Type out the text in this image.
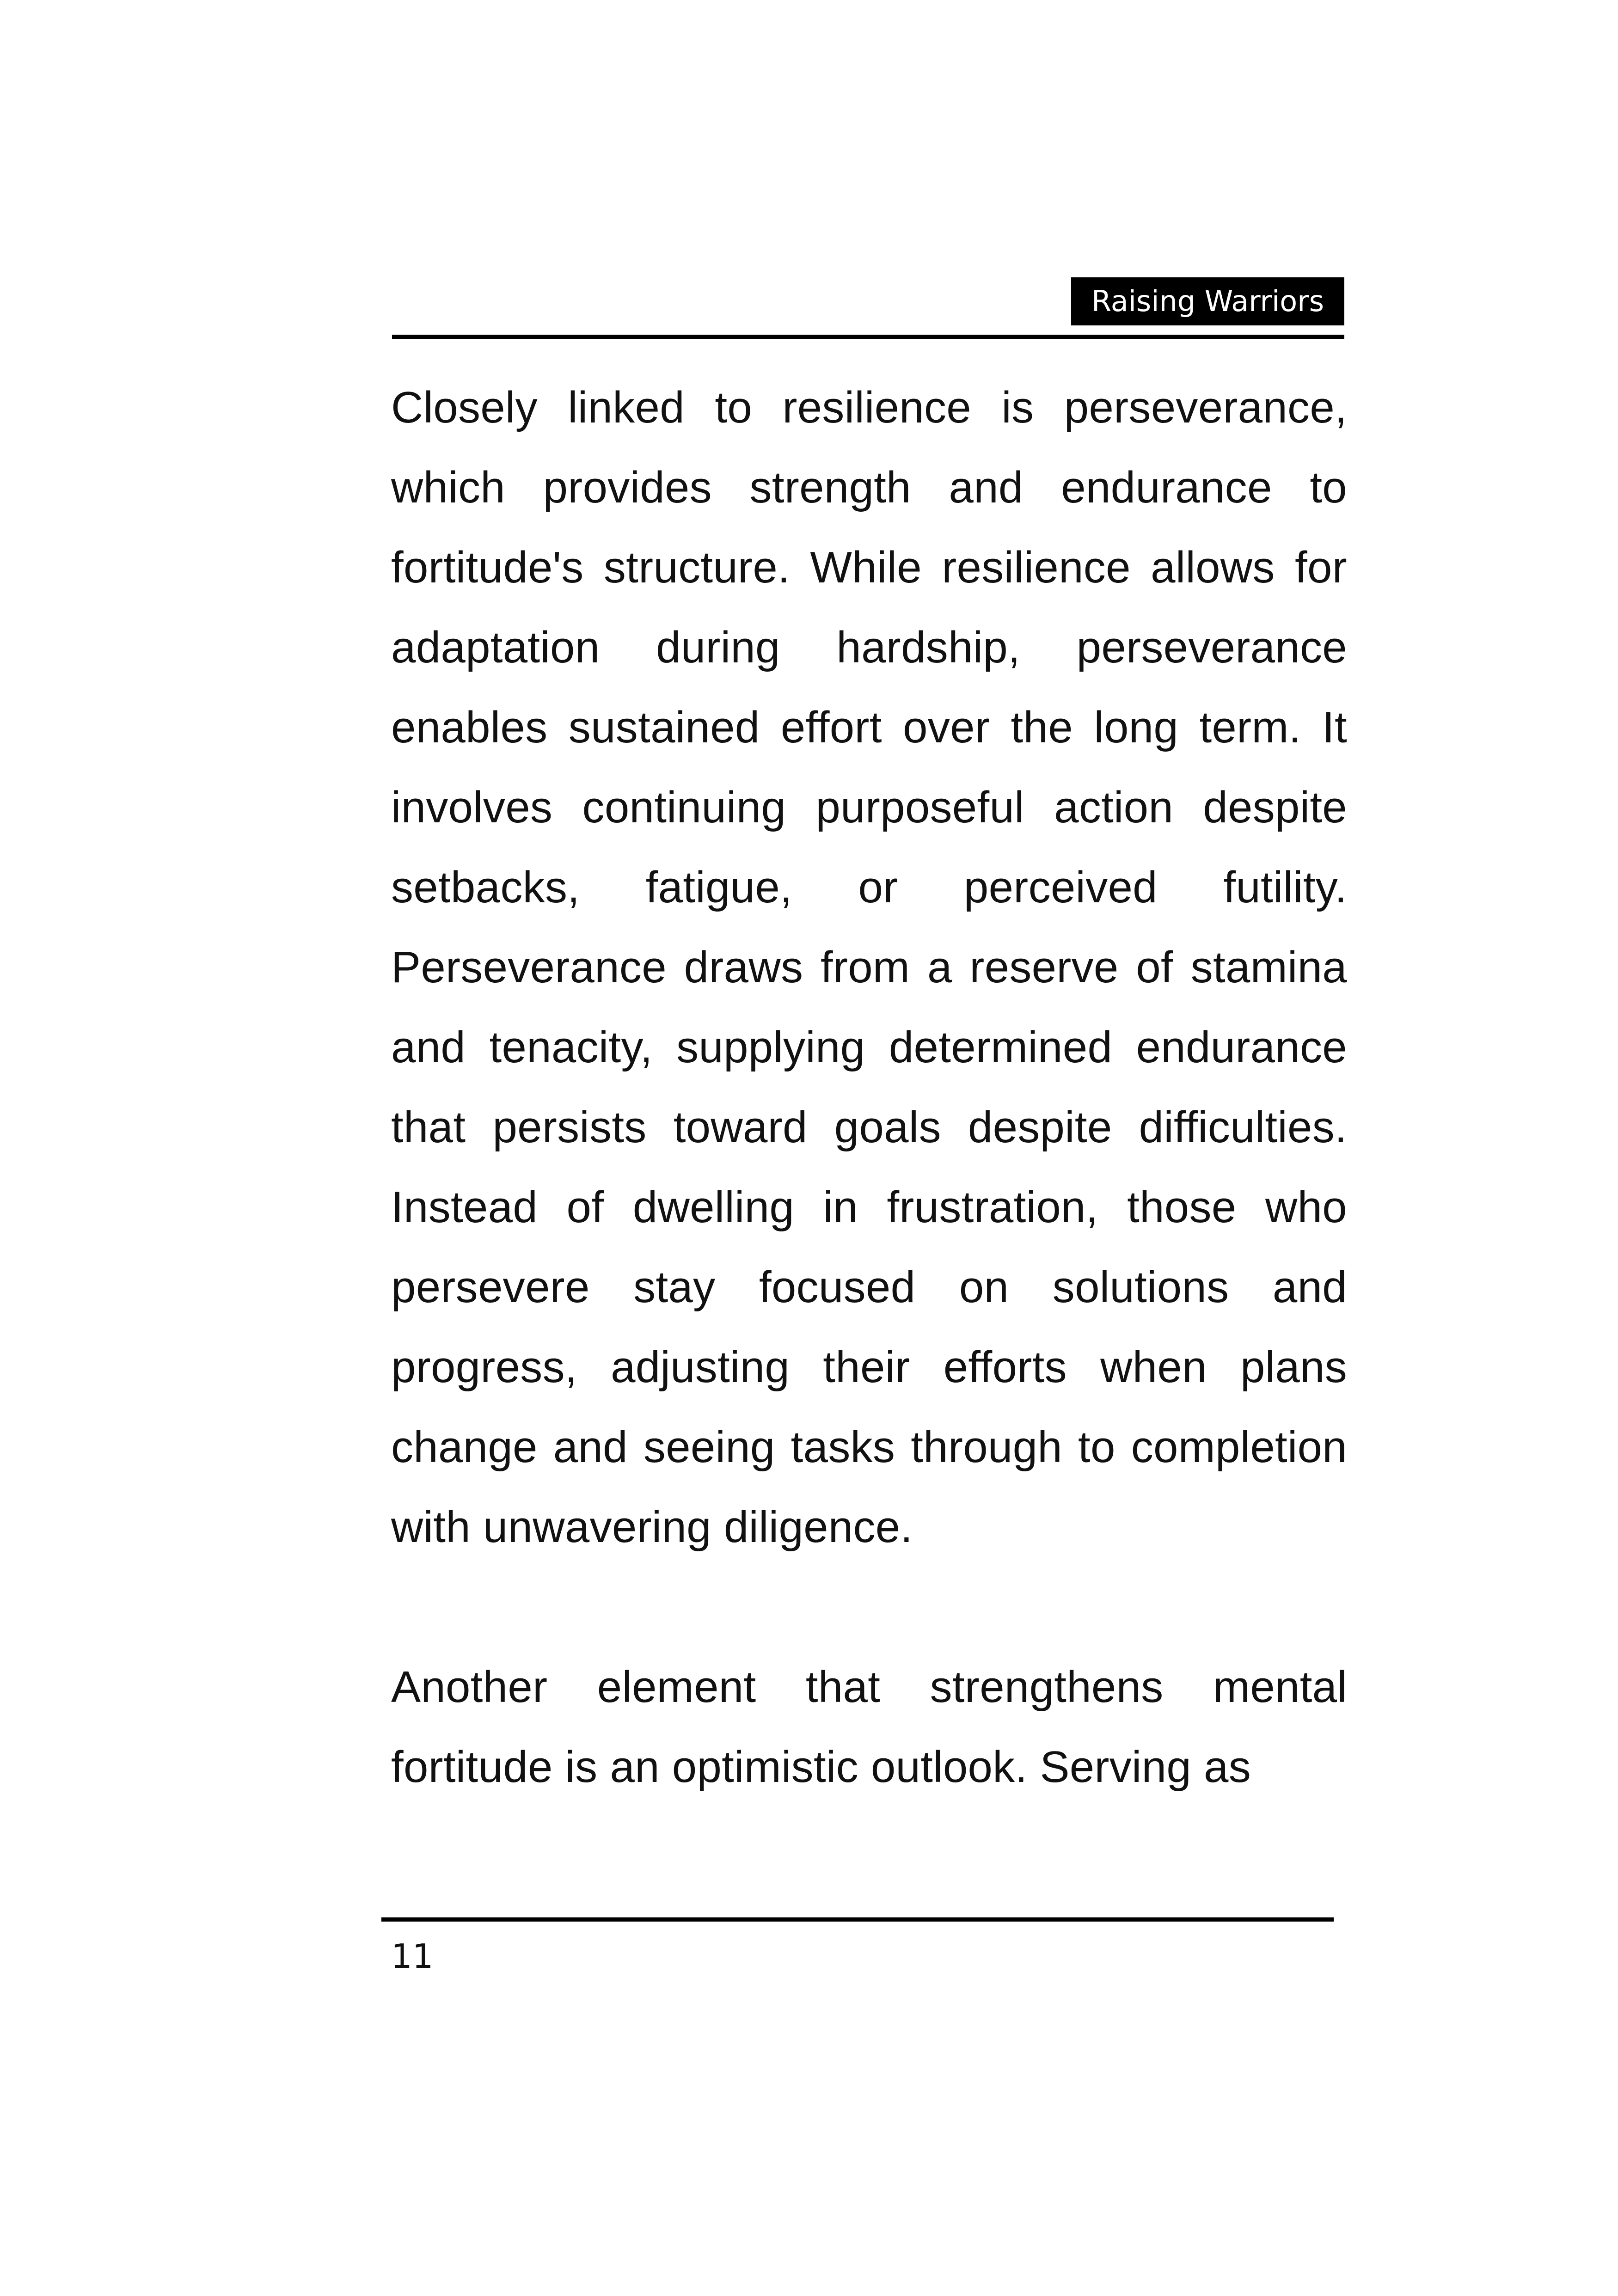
Raising Warriors

Closely linked to resilience is perseverance, which provides strength and endurance to fortitude's structure. While resilience allows for adaptation during hardship, perseverance enables sustained effort over the long term. It involves continuing purposeful action despite setbacks, fatigue, or perceived futility. Perseverance draws from a reserve of stamina and tenacity, supplying determined endurance that persists toward goals despite difficulties. Instead of dwelling in frustration, those who persevere stay focused on solutions and progress, adjusting their efforts when plans change and seeing tasks through to completion with unwavering diligence.

Another element that strengthens mental fortitude is an optimistic outlook. Serving as

11
